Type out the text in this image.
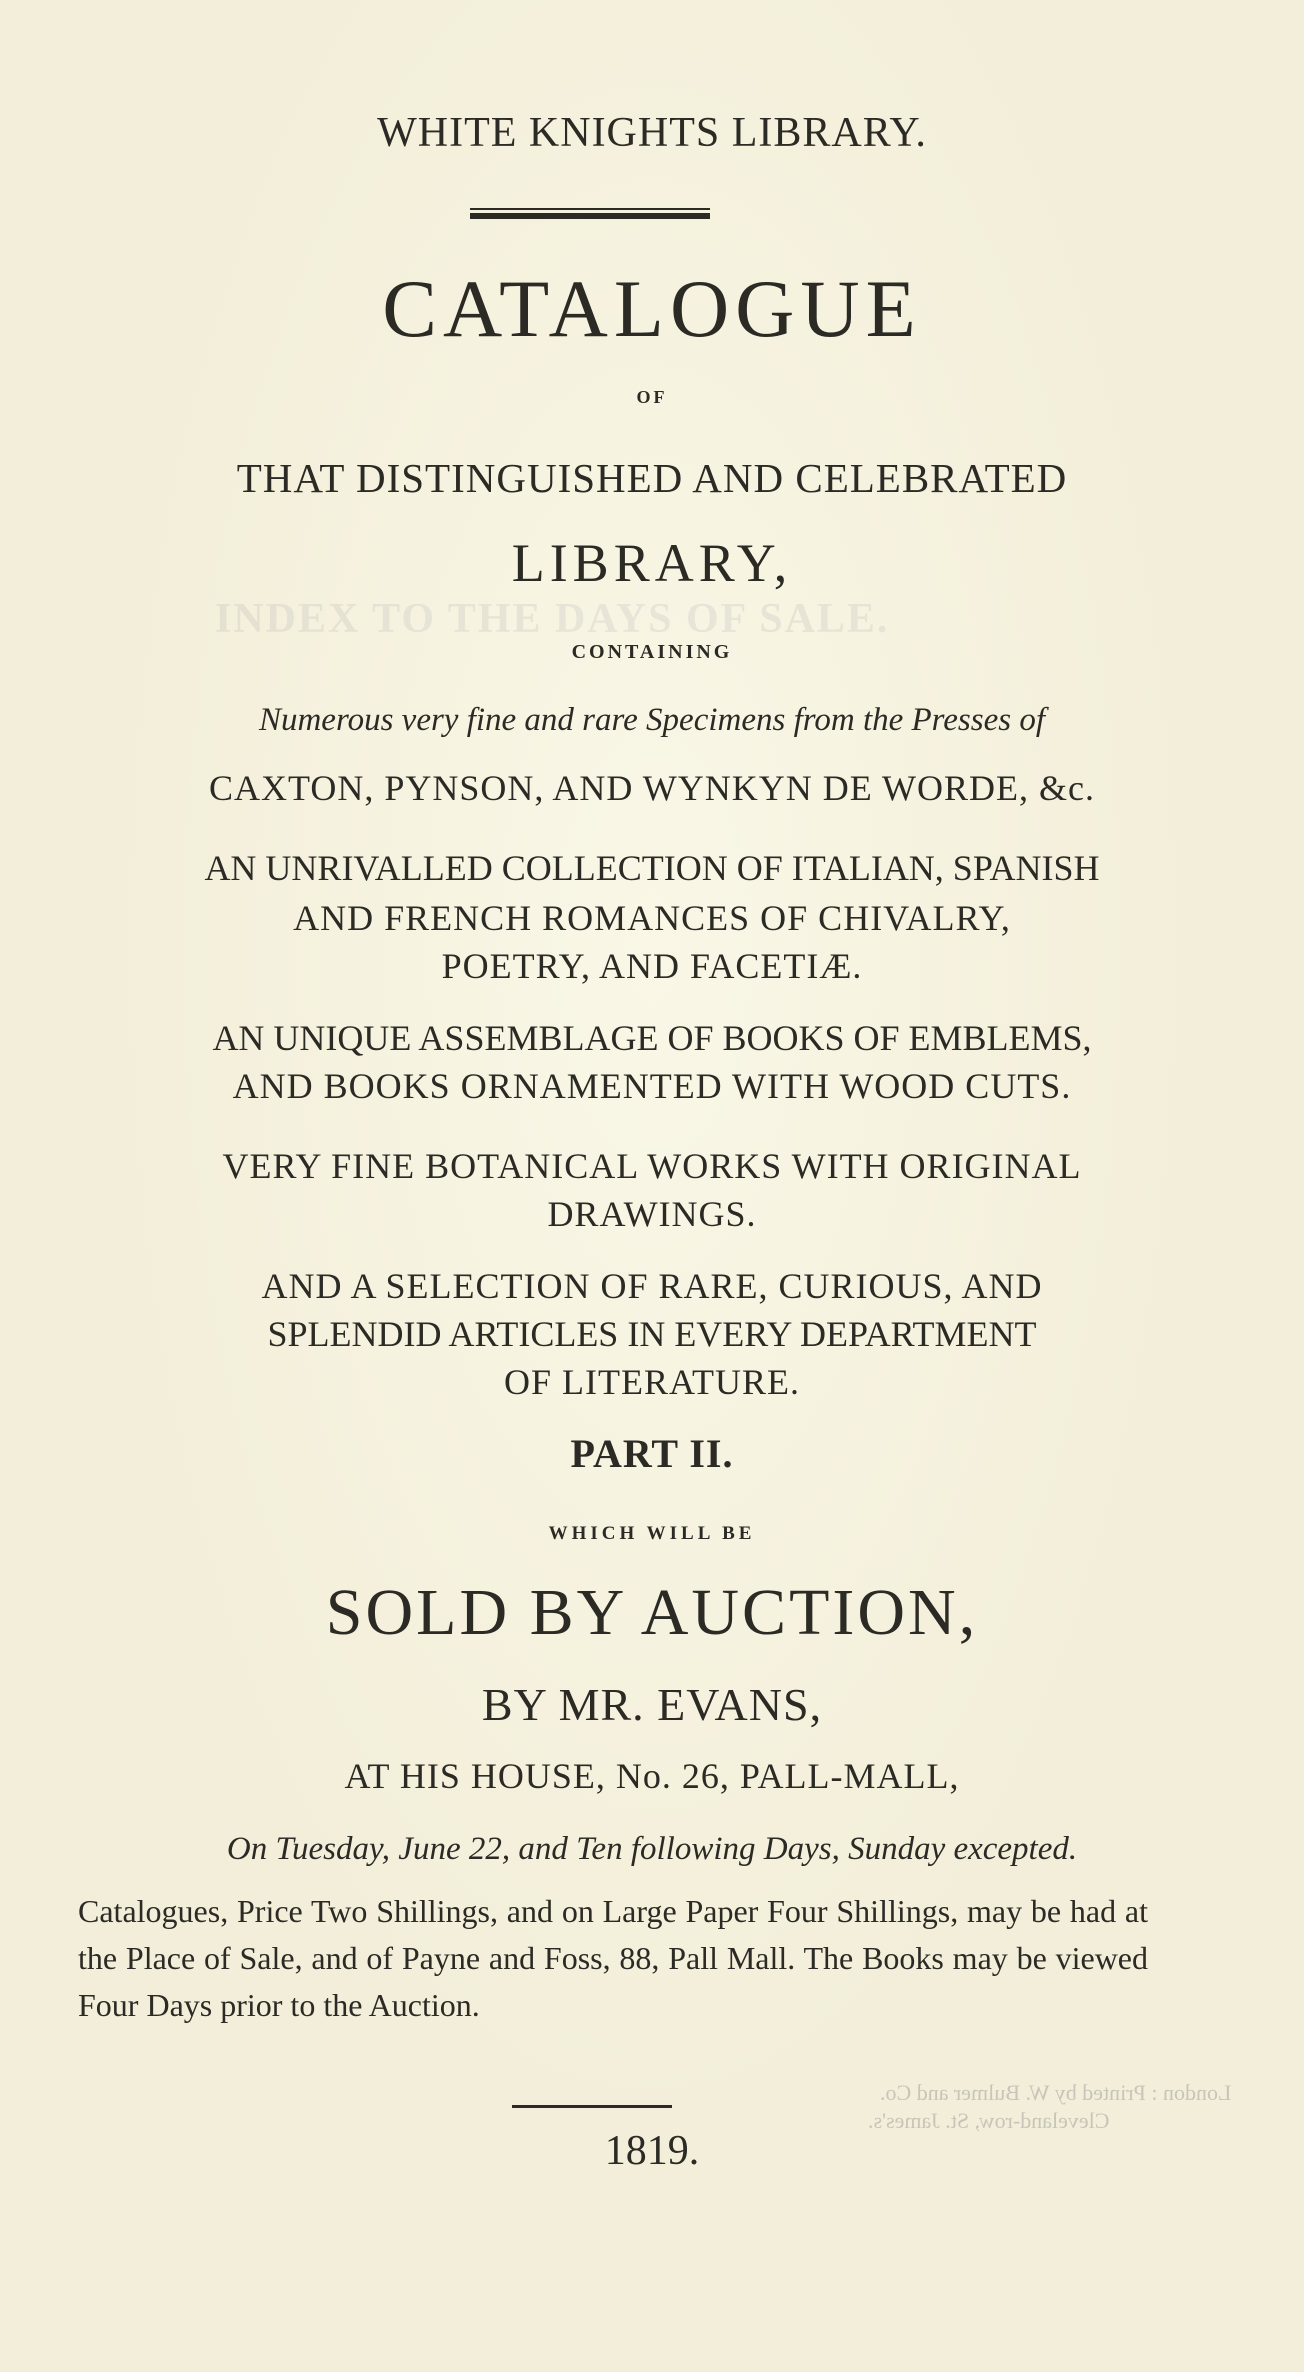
INDEX TO THE DAYS OF SALE.
London : Printed by W. Bulmer and Co.
Cleveland-row, St. James's.
WHITE KNIGHTS LIBRARY.
CATALOGUE
OF
THAT DISTINGUISHED AND CELEBRATED
LIBRARY,
CONTAINING
Numerous very fine and rare Specimens from the Presses of
CAXTON, PYNSON, AND WYNKYN DE WORDE, &c.
AN UNRIVALLED COLLECTION OF ITALIAN, SPANISH
AND FRENCH ROMANCES OF CHIVALRY,
POETRY, AND FACETIÆ.
AN UNIQUE ASSEMBLAGE OF BOOKS OF EMBLEMS,
AND BOOKS ORNAMENTED WITH WOOD CUTS.
VERY FINE BOTANICAL WORKS WITH ORIGINAL
DRAWINGS.
AND A SELECTION OF RARE, CURIOUS, AND
SPLENDID ARTICLES IN EVERY DEPARTMENT
OF LITERATURE.
PART II.
WHICH WILL BE
SOLD BY AUCTION,
BY MR. EVANS,
AT HIS HOUSE, No. 26, PALL-MALL,
On Tuesday, June 22, and Ten following Days, Sunday excepted.
Catalogues, Price Two Shillings, and on Large Paper Four Shillings, may be had at the Place of Sale, and of Payne and Foss, 88, Pall Mall. The Books may be viewed Four Days prior to the Auction.
1819.
